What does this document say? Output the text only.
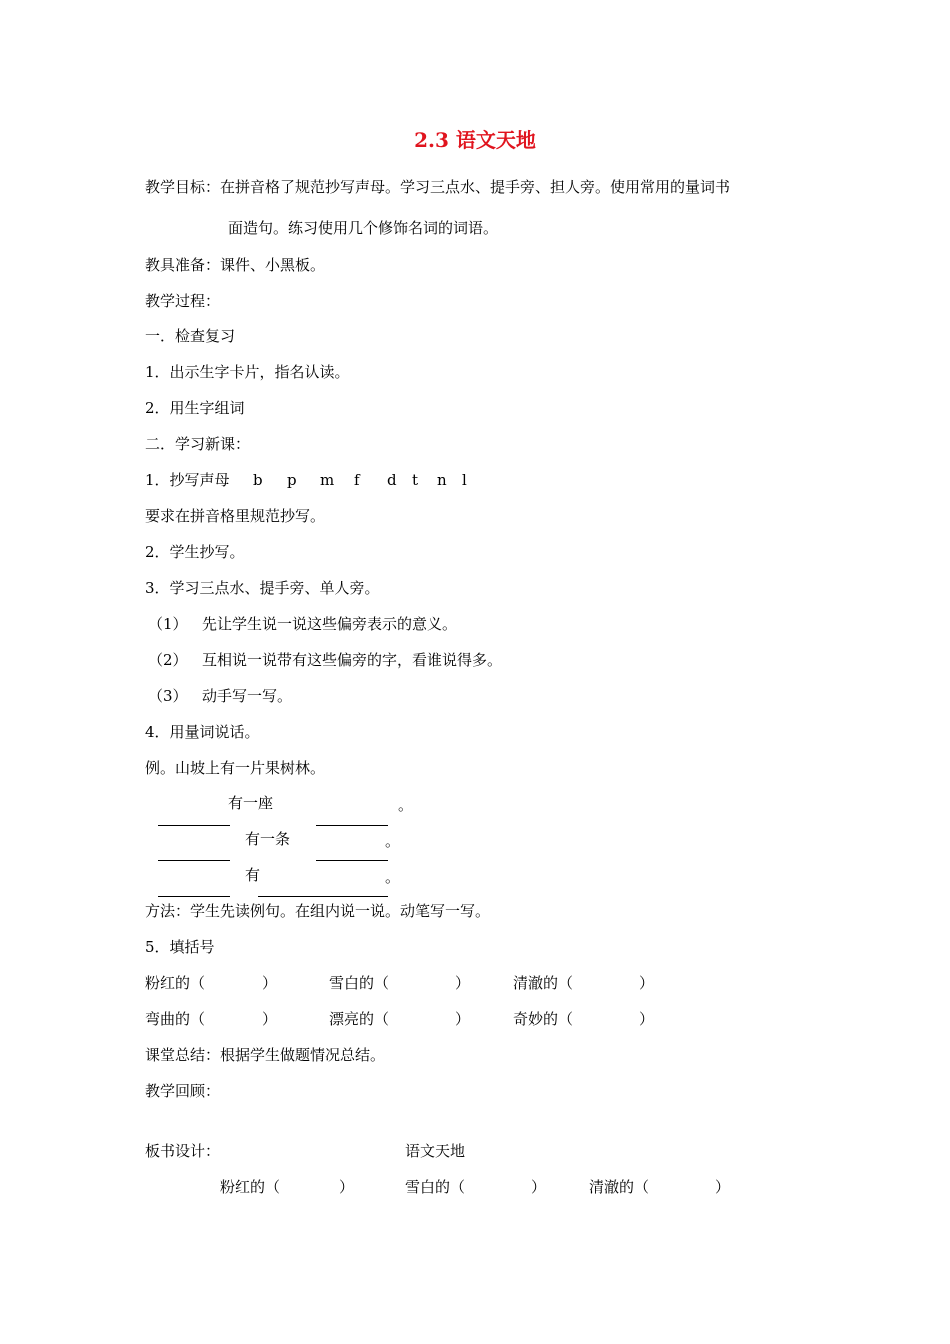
2.3 语文天地
教学目标：在拼音格了规范抄写声母。学习三点水、提手旁、担人旁。使用常用的量词书
面造句。练习使用几个修饰名词的词语。
教具准备：课件、小黑板。
教学过程：
一．检查复习
1．出示生字卡片，指名认读。
2．用生字组词
二．学习新课：
1．抄写声母 b p m f d t n l
要求在拼音格里规范抄写。
2．学生抄写。
3．学习三点水、提手旁、单人旁。
（1） 先让学生说一说这些偏旁表示的意义。
（2） 互相说一说带有这些偏旁的字，看谁说得多。
（3） 动手写一写。
4．用量词说话。
例。山坡上有一片果树林。
有一座	。
有一条	。
有	。
方法：学生先读例句。在组内说一说。动笔写一写。
5．填括号
粉红的（	）	雪白的（	）	清澈的（	）
弯曲的（	）	漂亮的（	）	奇妙的（	）
课堂总结：根据学生做题情况总结。
教学回顾：
板书设计：	语文天地
粉红的（	）	雪白的（	）	清澈的（	）
